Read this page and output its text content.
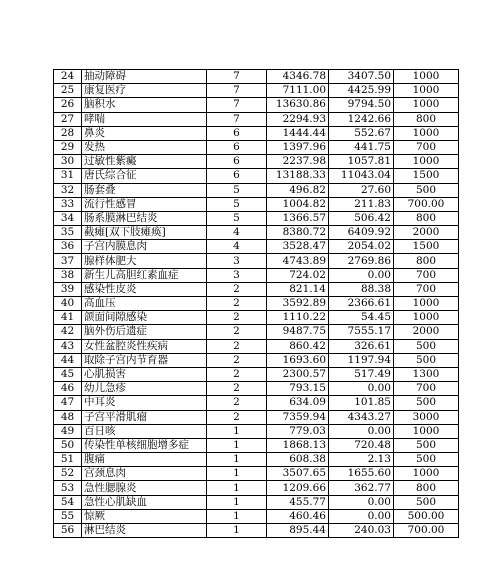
24	抽动障碍	7	4346.78	3407.50	1000
25	康复医疗	7	7111.00	4425.99	1000
26	脑积水	7	13630.86	9794.50	1000
27	哮喘	7	2294.93	1242.66	800
28	鼻炎	6	1444.44	552.67	1000
29	发热	6	1397.96	441.75	700
30	过敏性紫癜	6	2237.98	1057.81	1000
31	唐氏综合征	6	13188.33	11043.04	1500
32	肠套叠	5	496.82	27.60	500
33	流行性感冒	5	1004.82	211.83	700.00
34	肠系膜淋巴结炎	5	1366.57	506.42	800
35	截瘫[双下肢瘫痪]	4	8380.72	6409.92	2000
36	子宫内膜息肉	4	3528.47	2054.02	1500
37	腺样体肥大	3	4743.89	2769.86	800
38	新生儿高胆红素血症	3	724.02	0.00	700
39	感染性皮炎	2	821.14	88.38	700
40	高血压	2	3592.89	2366.61	1000
41	颌面间隙感染	2	1110.22	54.45	1000
42	脑外伤后遗症	2	9487.75	7555.17	2000
43	女性盆腔炎性疾病	2	860.42	326.61	500
44	取除子宫内节育器	2	1693.60	1197.94	500
45	心肌损害	2	2300.57	517.49	1300
46	幼儿急疹	2	793.15	0.00	700
47	中耳炎	2	634.09	101.85	500
48	子宫平滑肌瘤	2	7359.94	4343.27	3000
49	百日咳	1	779.03	0.00	1000
50	传染性单核细胞增多症	1	1868.13	720.48	500
51	腹痛	1	608.38	2.13	500
52	宫颈息肉	1	3507.65	1655.60	1000
53	急性腮腺炎	1	1209.66	362.77	800
54	急性心肌缺血	1	455.77	0.00	500
55	惊厥	1	460.46	0.00	500.00
56	淋巴结炎	1	895.44	240.03	700.00
